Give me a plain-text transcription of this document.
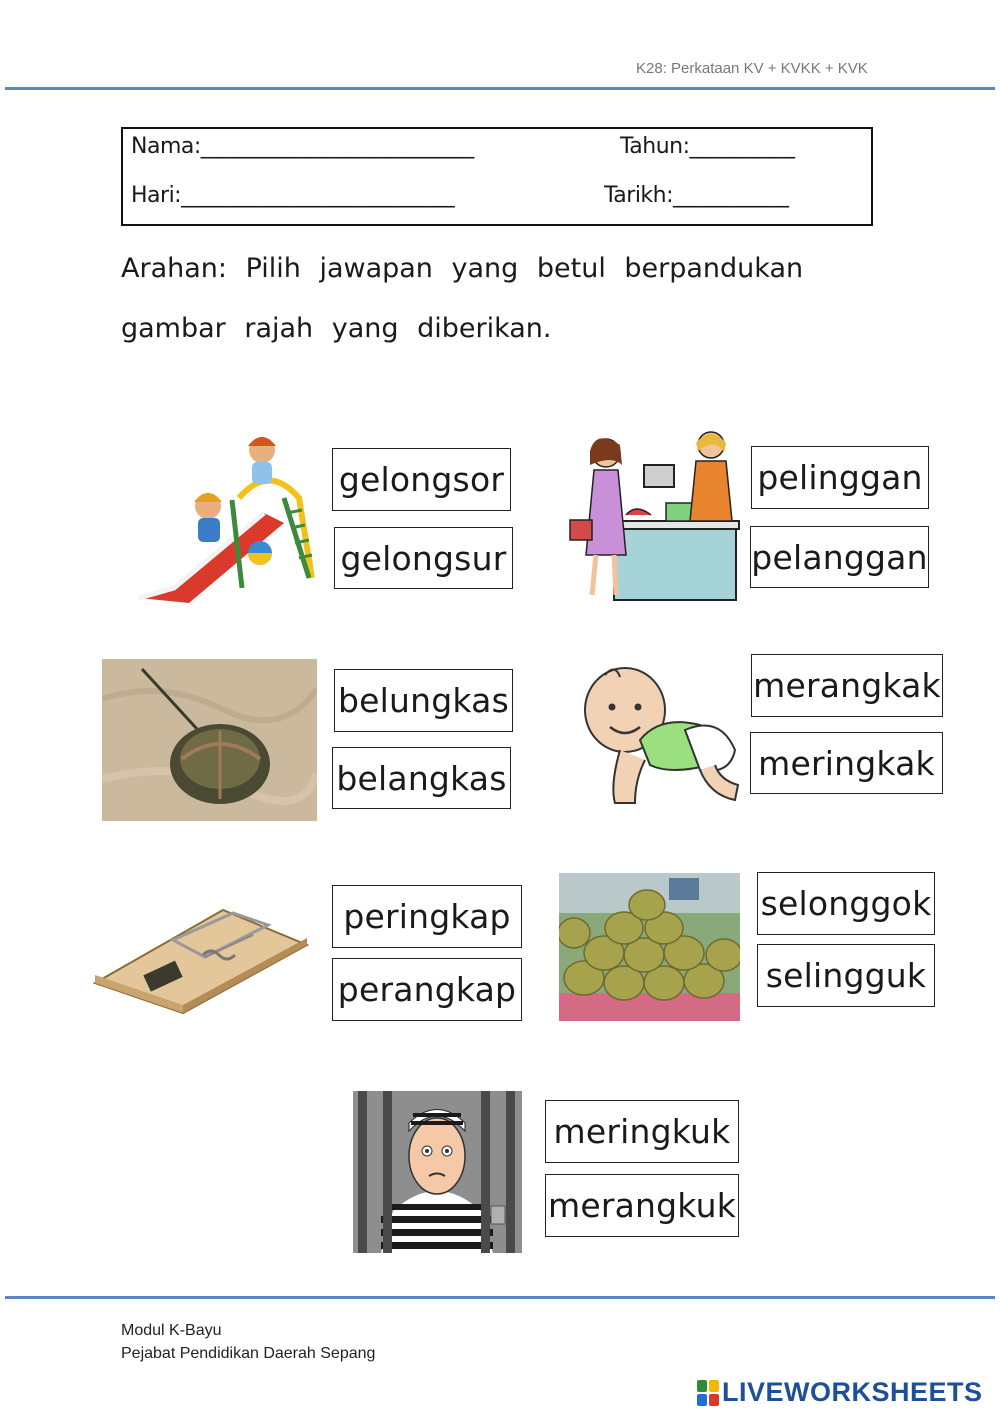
K28: Perkataan KV + KVKK + KVK
Nama:__________________________	Tahun:__________
Hari:__________________________	Tarikh:___________
Arahan: Pilih jawapan yang betul berpandukan
gambar rajah yang diberikan.
gelongsor
gelongsur
pelinggan
pelanggan
belungkas
belangkas
merangkak
meringkak
peringkap
perangkap
selonggok
selingguk
meringkuk
merangkuk
Modul K-Bayu
Pejabat Pendidikan Daerah Sepang
LIVEWORKSHEETS
